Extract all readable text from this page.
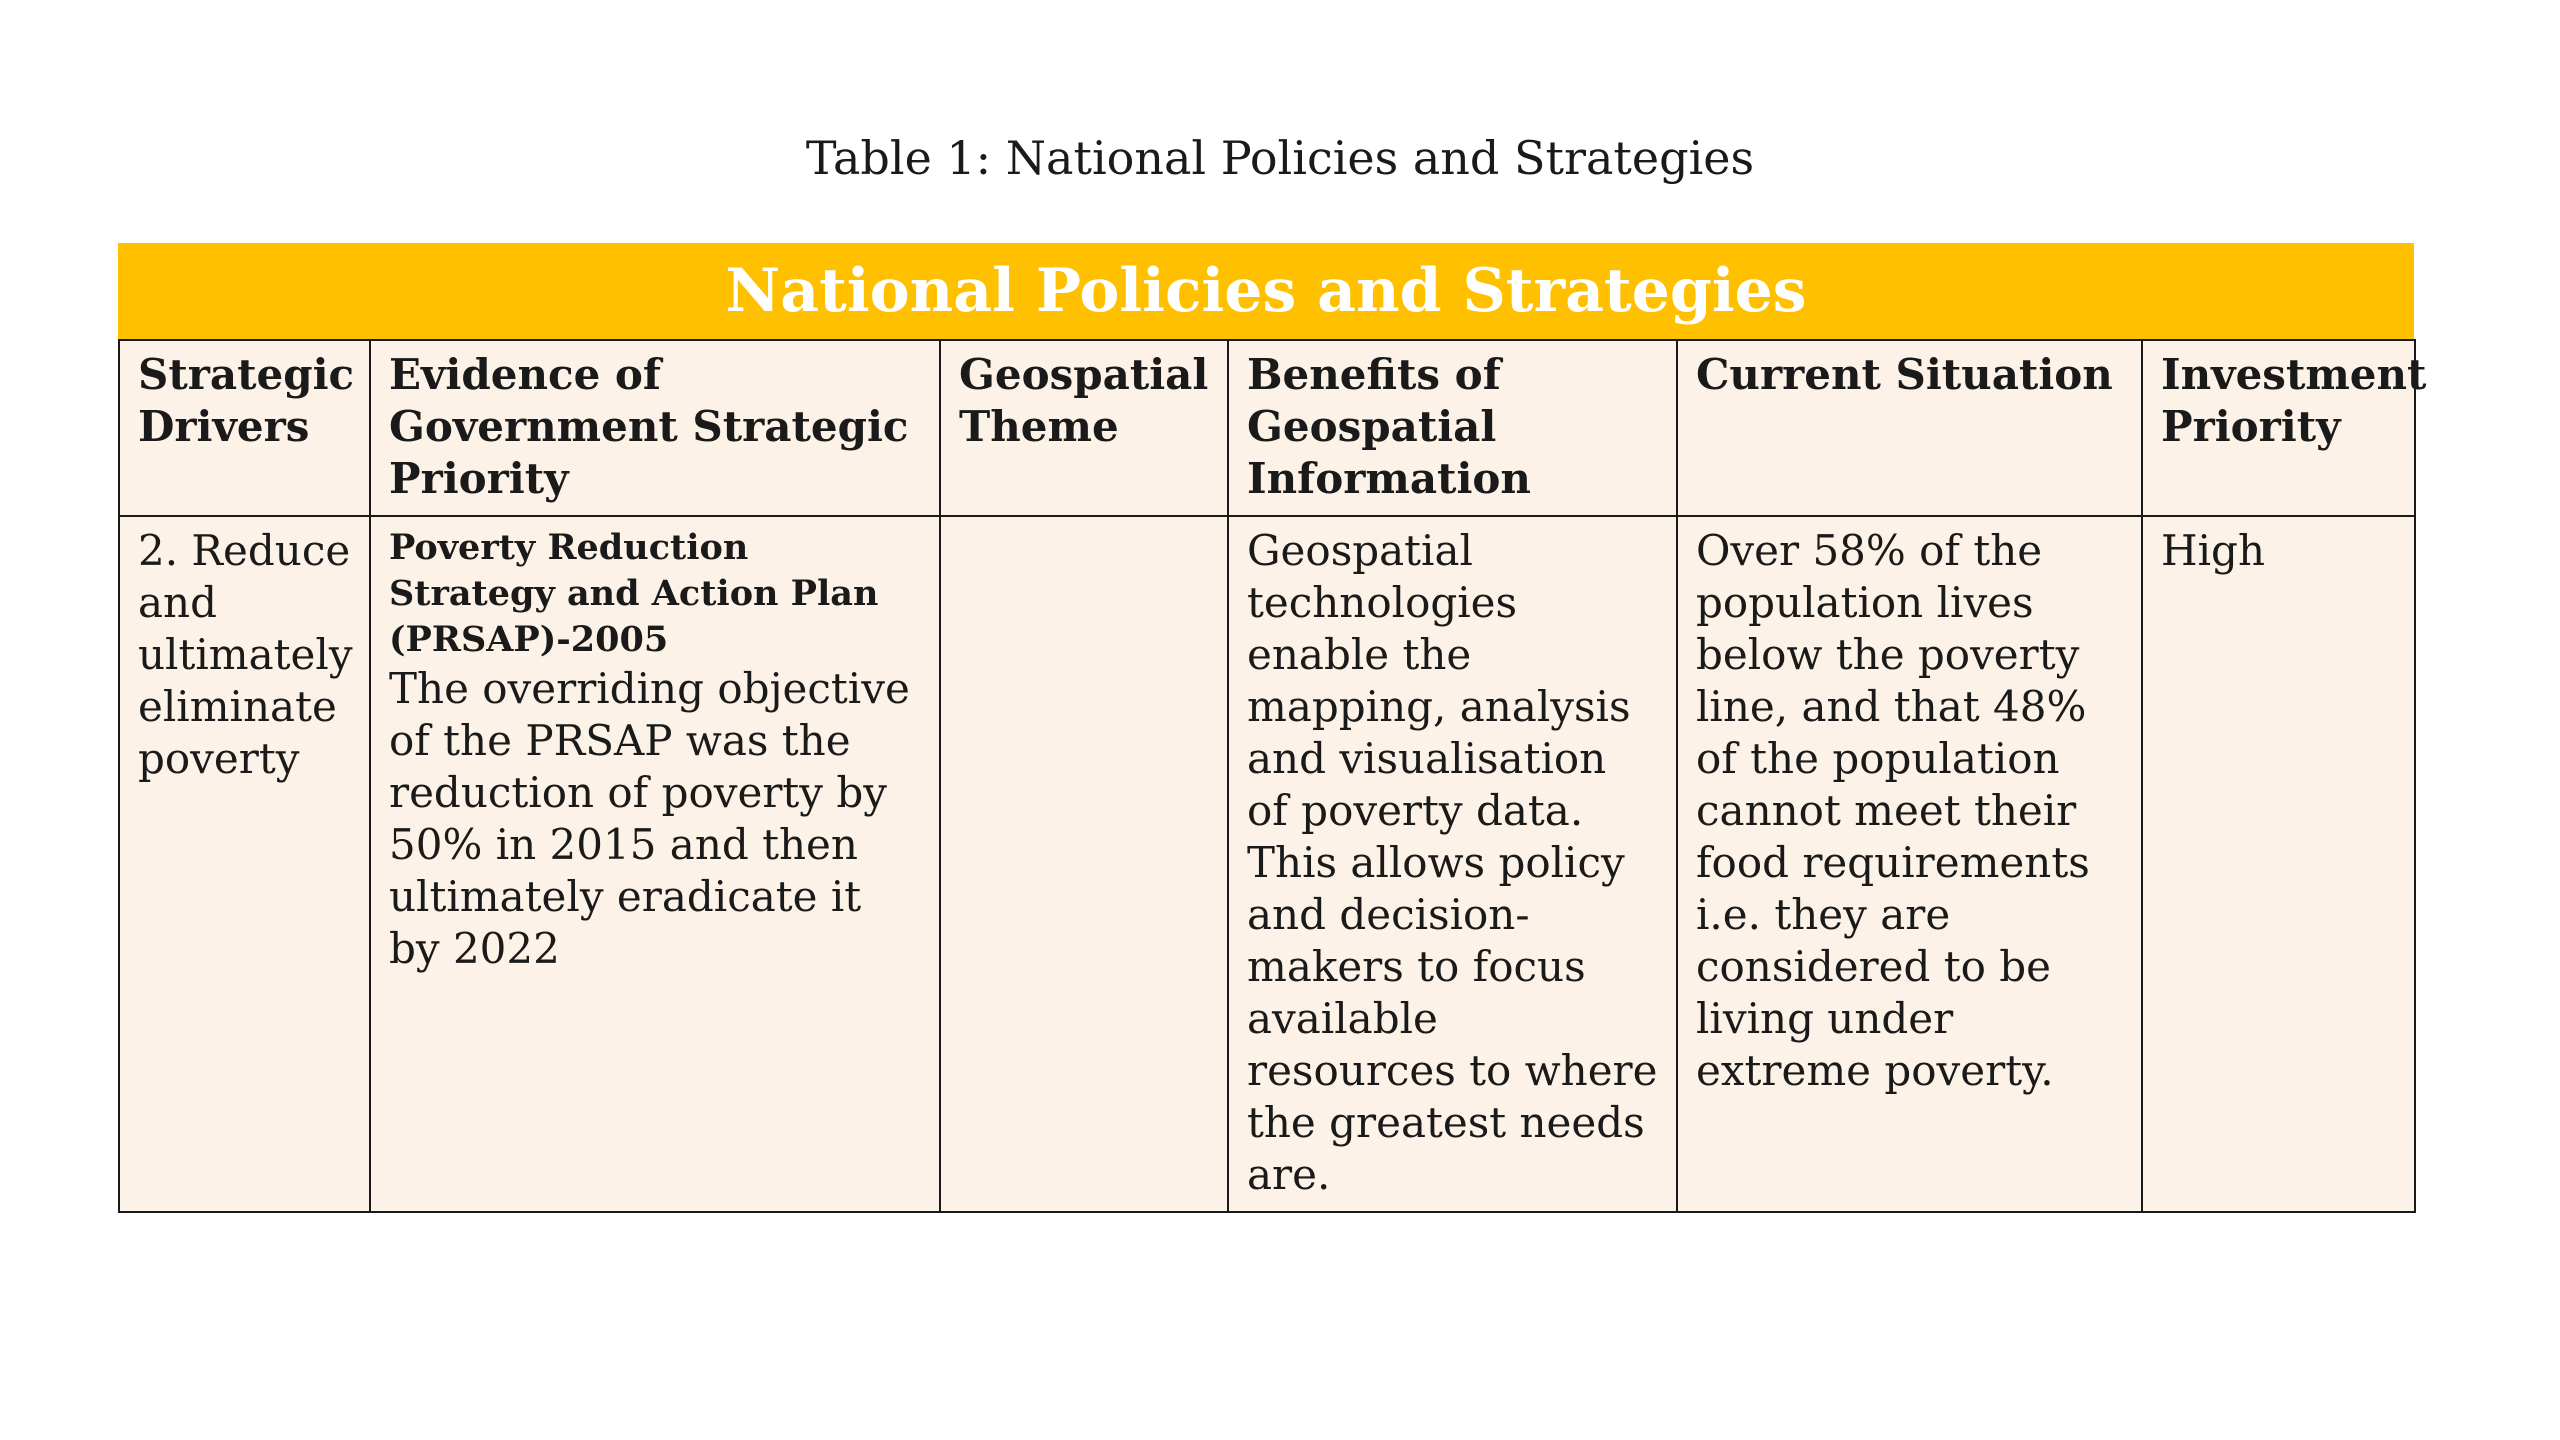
Table 1: National Policies and Strategies
National Policies and Strategies
Strategic Drivers	Evidence of Government Strategic Priority	Geospatial Theme	Benefits of Geospatial Information	Current Situation	Investment Priority
2. Reduce and ultimately eliminate poverty	Poverty Reduction Strategy and Action Plan (PRSAP)-2005
The overriding objective of the PRSAP was the reduction of poverty by 50% in 2015 and then ultimately eradicate it by 2022		Geospatial technologies enable the mapping, analysis and visualisation of poverty data. This allows policy and decision-makers to focus available resources to where the greatest needs are.	Over 58% of the population lives below the poverty line, and that 48% of the population cannot meet their food requirements i.e. they are considered to be living under extreme poverty.	High
